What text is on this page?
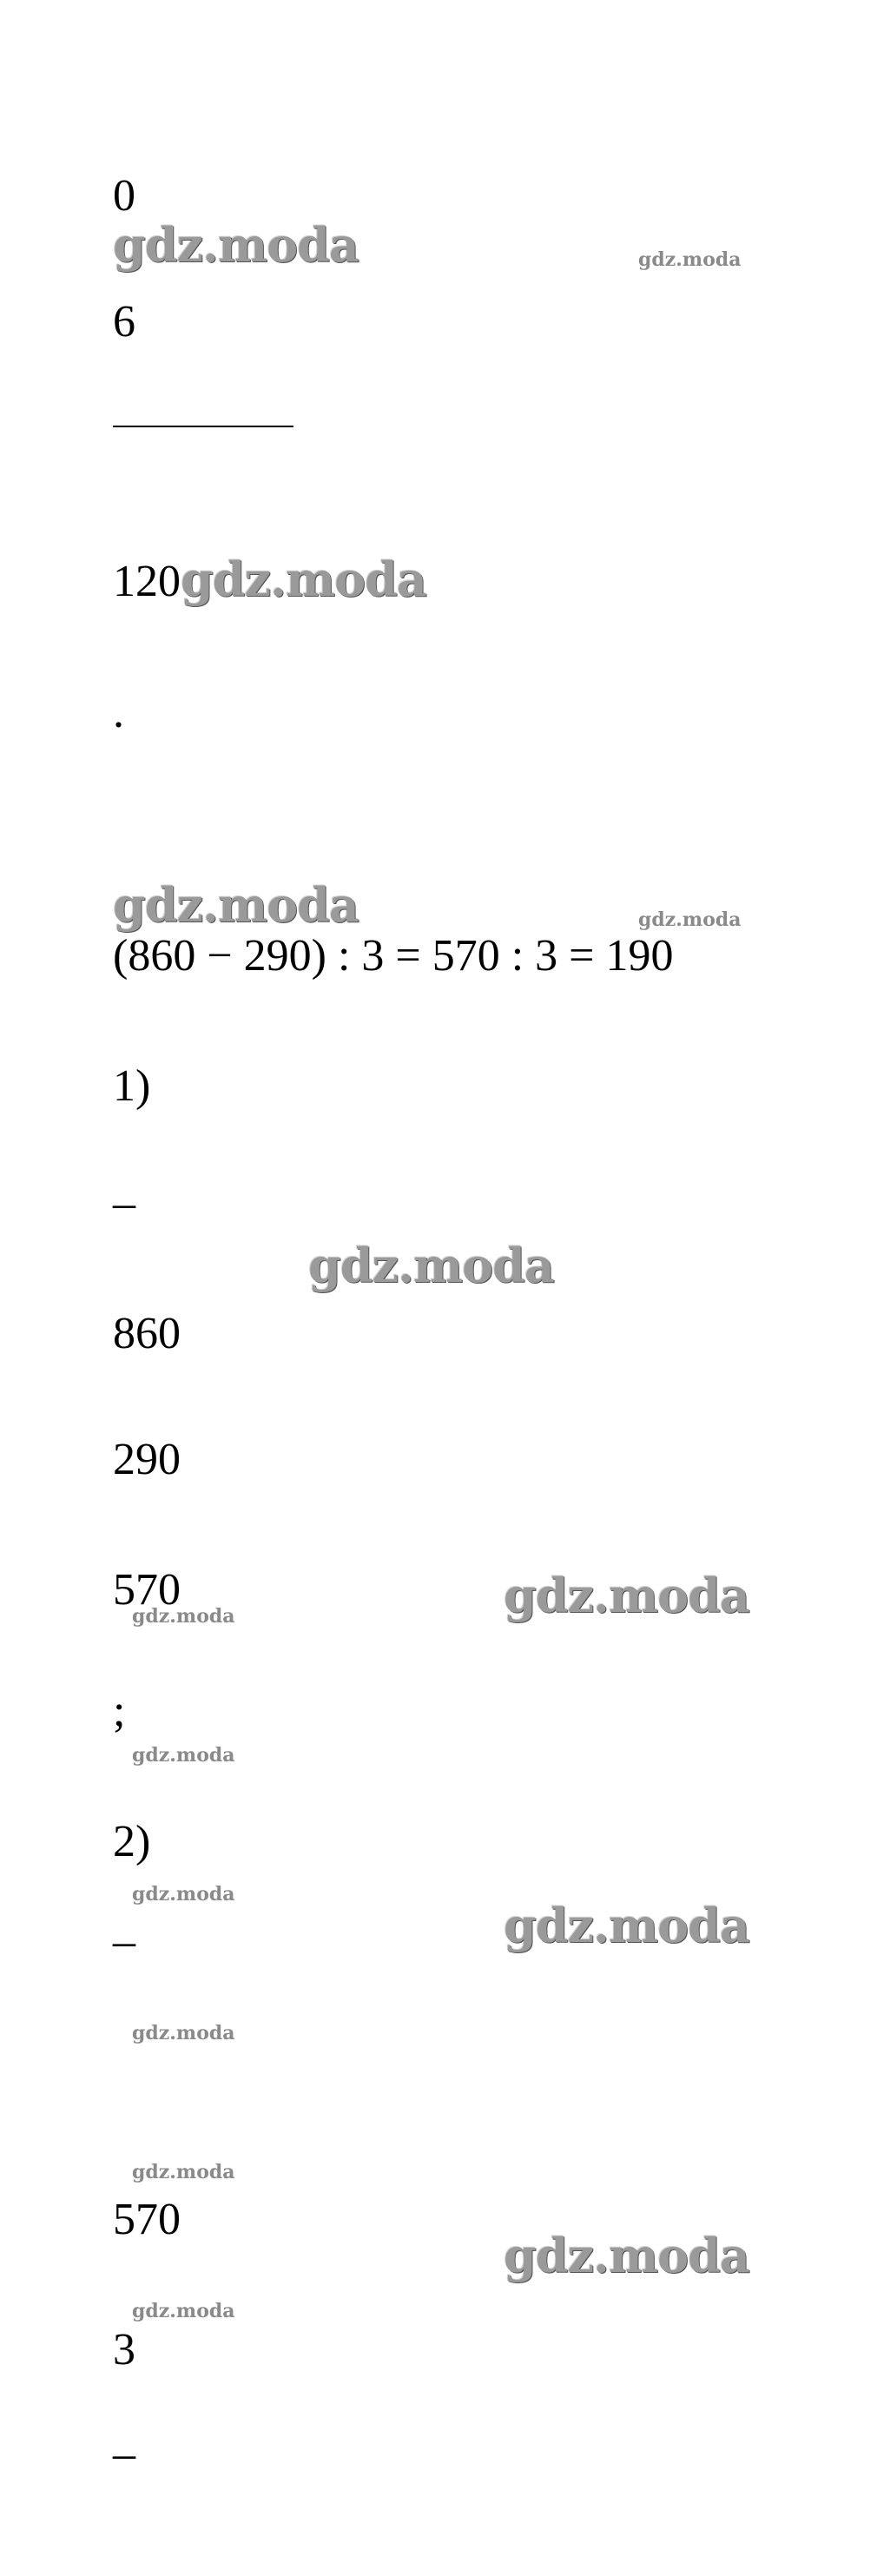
0
gdz.moda	gdz.moda
6
120gdz.moda
.
gdz.moda	gdz.moda
(860 − 290) : 3 = 570 : 3 = 190
1)
–
gdz.moda
860
290
570	gdz.moda
gdz.moda
;
gdz.moda
2)
gdz.moda
–	gdz.moda
gdz.moda
gdz.moda
570
gdz.moda
gdz.moda
3
–
